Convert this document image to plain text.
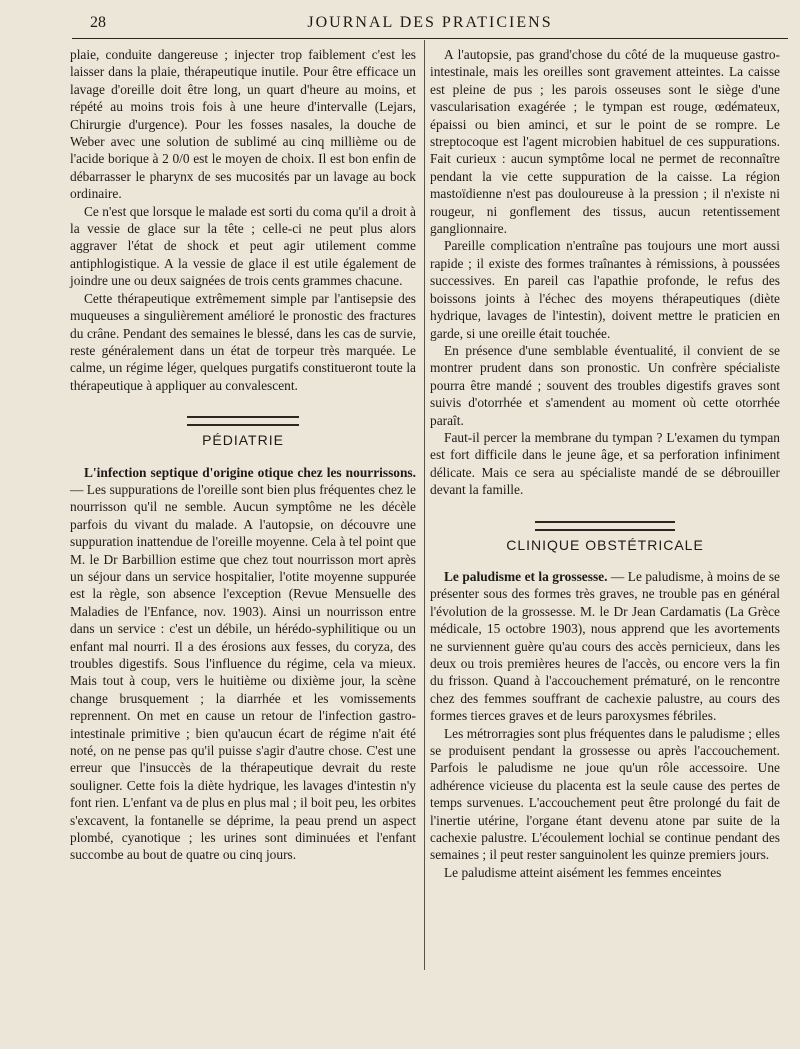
28	JOURNAL DES PRATICIENS

plaie, conduite dangereuse ; injecter trop faiblement c'est les laisser dans la plaie, thérapeutique inutile. Pour être efficace un lavage d'oreille doit être long, un quart d'heure au moins, et répété au moins trois fois à une heure d'intervalle (Lejars, Chirurgie d'urgence). Pour les fosses nasales, la douche de Weber avec une solution de sublimé au cinq millième ou de l'acide borique à 2 0/0 est le moyen de choix. Il est bon enfin de débarrasser le pharynx de ses mucosités par un lavage au bock ordinaire.

Ce n'est que lorsque le malade est sorti du coma qu'il a droit à la vessie de glace sur la tête ; celle-ci ne peut plus alors aggraver l'état de shock et peut agir utilement comme antiphlogistique. A la vessie de glace il est utile également de joindre une ou deux saignées de trois cents grammes chacune.

Cette thérapeutique extrêmement simple par l'antisepsie des muqueuses a singulièrement amélioré le pronostic des fractures du crâne. Pendant des semaines le blessé, dans les cas de survie, reste généralement dans un état de torpeur très marquée. Le calme, un régime léger, quelques purgatifs constitueront toute la thérapeutique à appliquer au convalescent.

PÉDIATRIE

L'infection septique d'origine otique chez les nourrissons. — Les suppurations de l'oreille sont bien plus fréquentes chez le nourrisson qu'il ne semble. Aucun symptôme ne les décèle parfois du vivant du malade. A l'autopsie, on découvre une suppuration inattendue de l'oreille moyenne. Cela à tel point que M. le Dr Barbillion estime que chez tout nourrisson mort après un séjour dans un service hospitalier, l'otite moyenne suppurée est la règle, son absence l'exception (Revue Mensuelle des Maladies de l'Enfance, nov. 1903). Ainsi un nourrisson entre dans un service : c'est un débile, un hérédo-syphilitique ou un enfant mal nourri. Il a des érosions aux fesses, du coryza, des troubles digestifs. Sous l'influence du régime, cela va mieux. Mais tout à coup, vers le huitième ou dixième jour, la scène change brusquement ; la diarrhée et les vomissements reprennent. On met en cause un retour de l'infection gastro-intestinale primitive ; bien qu'aucun écart de régime n'ait été noté, on ne pense pas qu'il puisse s'agir d'autre chose. C'est une erreur que l'insuccès de la thérapeutique devrait du reste souligner. Cette fois la diète hydrique, les lavages d'intestin n'y font rien. L'enfant va de plus en plus mal ; il boit peu, les orbites s'excavent, la fontanelle se déprime, la peau prend un aspect plombé, cyanotique ; les urines sont diminuées et l'enfant succombe au bout de quatre ou cinq jours.

A l'autopsie, pas grand'chose du côté de la muqueuse gastro-intestinale, mais les oreilles sont gravement atteintes. La caisse est pleine de pus ; les parois osseuses sont le siège d'une vascularisation exagérée ; le tympan est rouge, œdémateux, épaissi ou bien aminci, et sur le point de se rompre. Le streptocoque est l'agent microbien habituel de ces suppurations. Fait curieux : aucun symptôme local ne permet de reconnaître pendant la vie cette suppuration de la caisse. La région mastoïdienne n'est pas douloureuse à la pression ; il n'existe ni rougeur, ni gonflement des tissus, aucun retentissement ganglionnaire.

Pareille complication n'entraîne pas toujours une mort aussi rapide ; il existe des formes traînantes à rémissions, à poussées successives. En pareil cas l'apathie profonde, le refus des boissons joints à l'échec des moyens thérapeutiques (diète hydrique, lavages de l'intestin), doivent mettre le praticien en garde, si une oreille était touchée.

En présence d'une semblable éventualité, il convient de se montrer prudent dans son pronostic. Un confrère spécialiste pourra être mandé ; souvent des troubles digestifs graves sont suivis d'otorrhée et s'amendent au moment où cette otorrhée paraît.

Faut-il percer la membrane du tympan ? L'examen du tympan est fort difficile dans le jeune âge, et sa perforation infiniment délicate. Mais ce sera au spécialiste mandé de se débrouiller devant la famille.

CLINIQUE OBSTÉTRICALE

Le paludisme et la grossesse. — Le paludisme, à moins de se présenter sous des formes très graves, ne trouble pas en général l'évolution de la grossesse. M. le Dr Jean Cardamatis (La Grèce médicale, 15 octobre 1903), nous apprend que les avortements ne surviennent guère qu'au cours des accès pernicieux, dans les deux ou trois premières heures de l'accès, ou encore vers la fin du frisson. Quand à l'accouchement prématuré, on le rencontre chez des femmes souffrant de cachexie palustre, au cours des formes tierces graves et de leurs paroxysmes fébriles.

Les métrorragies sont plus fréquentes dans le paludisme ; elles se produisent pendant la grossesse ou après l'accouchement. Parfois le paludisme ne joue qu'un rôle accessoire. Une adhérence vicieuse du placenta est la seule cause des pertes de temps survenues. L'accouchement peut être prolongé du fait de l'inertie utérine, l'organe étant devenu atone par suite de la cachexie palustre. L'écoulement lochial se continue pendant des semaines ; il peut rester sanguinolent les quinze premiers jours.

Le paludisme atteint aisément les femmes enceintes
